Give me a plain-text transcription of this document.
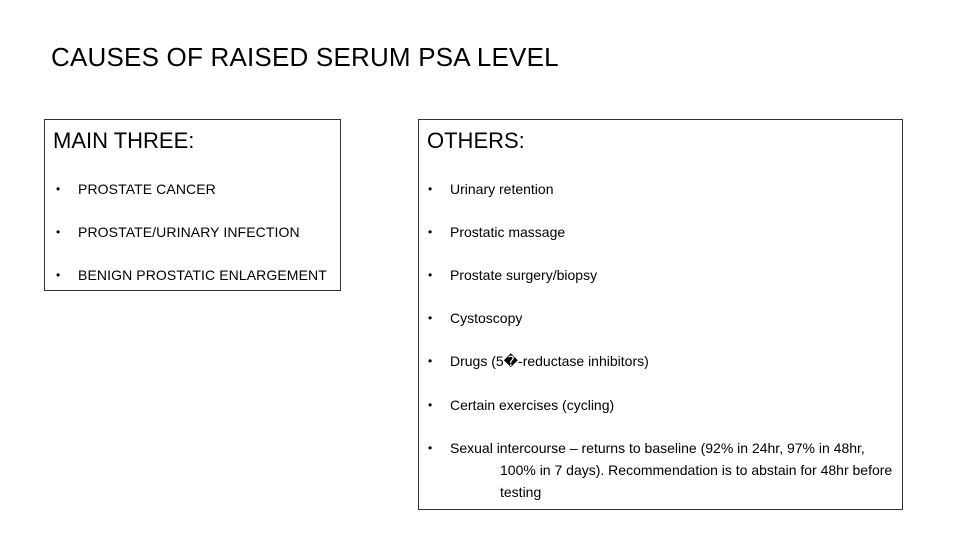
CAUSES OF RAISED SERUM PSA LEVEL
MAIN THREE:
•	PROSTATE CANCER
•	PROSTATE/URINARY INFECTION
•	BENIGN PROSTATIC ENLARGEMENT
OTHERS:
•	Urinary retention
•	Prostatic massage
•	Prostate surgery/biopsy
•	Cystoscopy
•	Drugs (5�-reductase inhibitors)
•	Certain exercises (cycling)
•	Sexual intercourse – returns to baseline (92% in 24hr, 97% in 48hr, 100% in 7 days). Recommendation is to abstain for 48hr before testing
